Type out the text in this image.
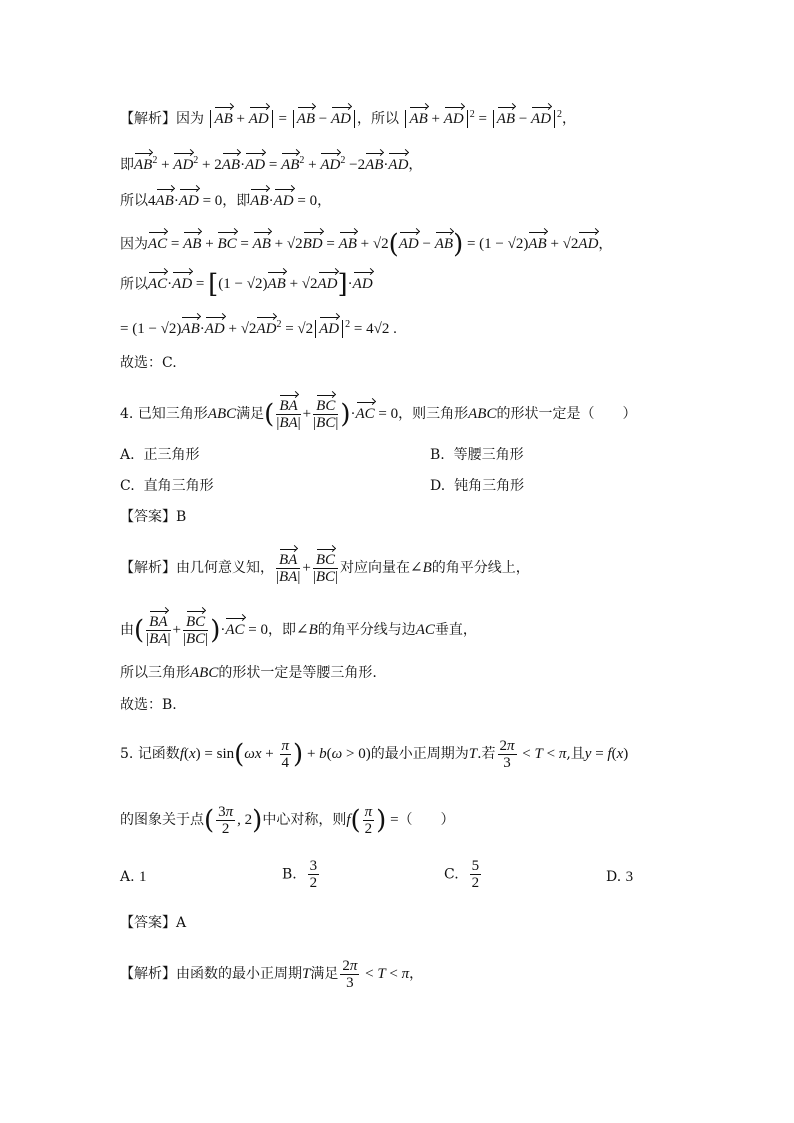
【解析】因为 AB + AD = AB − AD ，所以 AB + AD $^2$ = AB − AD $^2$，
即$AB^2 + AD^2 + 2AB\cdot AD = AB^2 + AD^2 -2AB\cdot AD$，
所以4AB·AD = 0，即AB·AD = 0，
因为AC = AB + BC = AB + √2BD = AB + √2(AD − AB) = (1 − √2)AB + √2AD，
所以AC·AD = [(1 − √2)AB + √2AD]·AD
= $(1 - √2)AB\cdot AD + √2AD^2 = √2$ AD $^2$ = 4√2 .
故选：C.
4. 已知三角形ABC满足( $\frac{BA}{|BA|} + \frac{BC}{|BC|} )\cdot AC = 0$，则三角形ABC的形状一定是（　　）
A. 正三角形	B. 等腰三角形
C. 直角三角形	D. 钝角三角形
【答案】B
【解析】由几何意义知， $\frac{BA}{|BA|} + \frac{BC}{|BC|}$ 对应向量在∠B的角平分线上，
由( $\frac{BA}{|BA|} + \frac{BC}{|BC|} )\cdot AC = 0$，即∠B的角平分线与边AC垂直，
所以三角形ABC的形状一定是等腰三角形.
故选：B.
5. 记函数$f(x) = \sin(\omega x + \frac{\pi}{4}$ ) + b(ω > 0)的最小正周期为T.若 $\frac{2\pi}{3} < T < \pi$,且y = f(x)
的图象关于点( $\frac{3\pi}{2}$ , 2)中心对称，则$f( \frac{\pi}{2}$ ) =（　　）
A. 1	B. $\frac{3}{2}$	C. $\frac{5}{2}$	D. 3
【答案】A
【解析】由函数的最小正周期T满足 $\frac{2\pi}{3} < T < \pi$，
